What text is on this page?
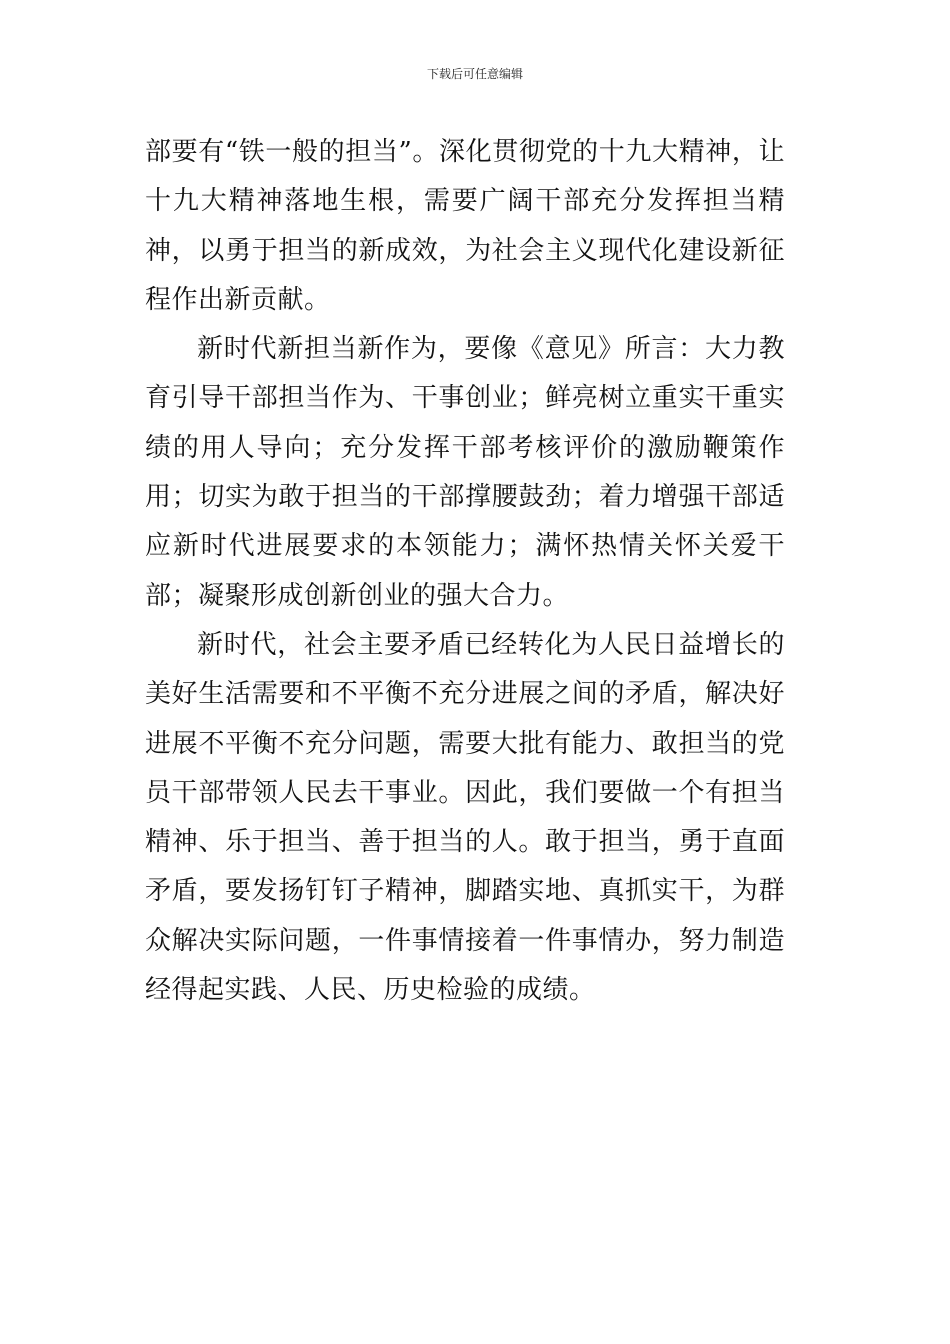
下载后可任意编辑

部要有“铁一般的担当”。深化贯彻党的十九大精神，让十九大精神落地生根，需要广阔干部充分发挥担当精神，以勇于担当的新成效，为社会主义现代化建设新征程作出新贡献。

新时代新担当新作为，要像《意见》所言：大力教育引导干部担当作为、干事创业；鲜亮树立重实干重实绩的用人导向；充分发挥干部考核评价的激励鞭策作用；切实为敢于担当的干部撑腰鼓劲；着力增强干部适应新时代进展要求的本领能力；满怀热情关怀关爱干部；凝聚形成创新创业的强大合力。

新时代，社会主要矛盾已经转化为人民日益增长的美好生活需要和不平衡不充分进展之间的矛盾，解决好进展不平衡不充分问题，需要大批有能力、敢担当的党员干部带领人民去干事业。因此，我们要做一个有担当精神、乐于担当、善于担当的人。敢于担当，勇于直面矛盾，要发扬钉钉子精神，脚踏实地、真抓实干，为群众解决实际问题，一件事情接着一件事情办，努力制造经得起实践、人民、历史检验的成绩。
